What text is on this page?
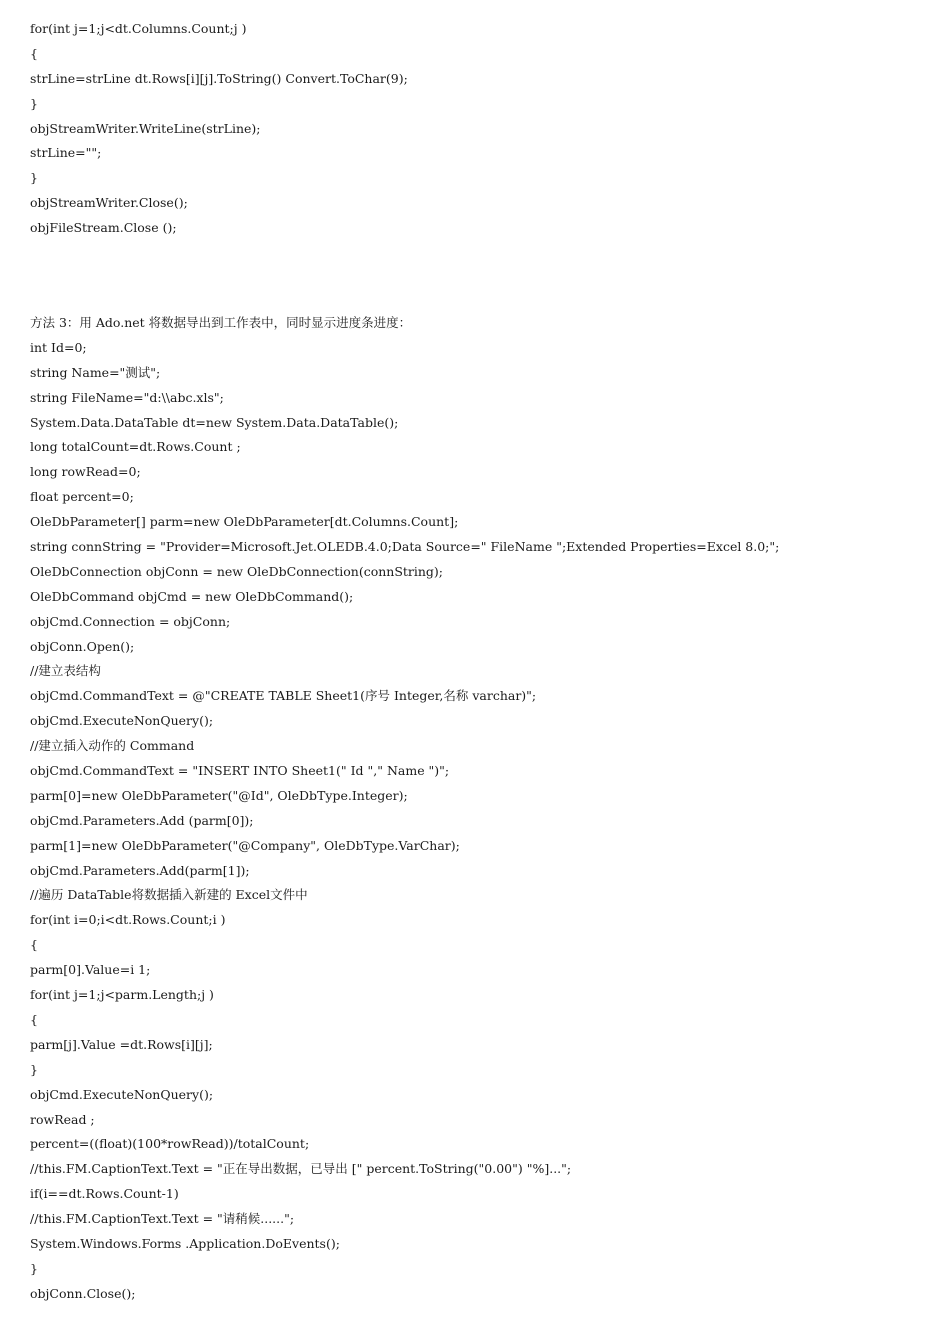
for(int j=1;j<dt.Columns.Count;j )
{
strLine=strLine dt.Rows[i][j].ToString() Convert.ToChar(9);
}
objStreamWriter.WriteLine(strLine);
strLine="";
}
objStreamWriter.Close();
objFileStream.Close ();
方法 3：用 Ado.net 将数据导出到工作表中，同时显示进度条进度：
int Id=0;
string Name="测试";
string FileName="d:\\abc.xls";
System.Data.DataTable dt=new System.Data.DataTable();
long totalCount=dt.Rows.Count ;
long rowRead=0;
float percent=0;
OleDbParameter[] parm=new OleDbParameter[dt.Columns.Count];
string connString = "Provider=Microsoft.Jet.OLEDB.4.0;Data Source=" FileName ";Extended Properties=Excel 8.0;";
OleDbConnection objConn = new OleDbConnection(connString);
OleDbCommand objCmd = new OleDbCommand();
objCmd.Connection = objConn;
objConn.Open();
//建立表结构
objCmd.CommandText = @"CREATE TABLE Sheet1(序号 Integer,名称 varchar)";
objCmd.ExecuteNonQuery();
//建立插入动作的 Command
objCmd.CommandText = "INSERT INTO Sheet1(" Id "," Name ")";
parm[0]=new OleDbParameter("@Id", OleDbType.Integer);
objCmd.Parameters.Add (parm[0]);
parm[1]=new OleDbParameter("@Company", OleDbType.VarChar);
objCmd.Parameters.Add(parm[1]);
//遍历 DataTable将数据插入新建的 Excel文件中
for(int i=0;i<dt.Rows.Count;i )
{
parm[0].Value=i 1;
for(int j=1;j<parm.Length;j )
{
parm[j].Value =dt.Rows[i][j];
}
objCmd.ExecuteNonQuery();
rowRead ;
percent=((float)(100*rowRead))/totalCount;
//this.FM.CaptionText.Text = "正在导出数据，已导出 [" percent.ToString("0.00") "%]...";
if(i==dt.Rows.Count-1)
//this.FM.CaptionText.Text = "请稍候......";
System.Windows.Forms .Application.DoEvents();
}
objConn.Close();
